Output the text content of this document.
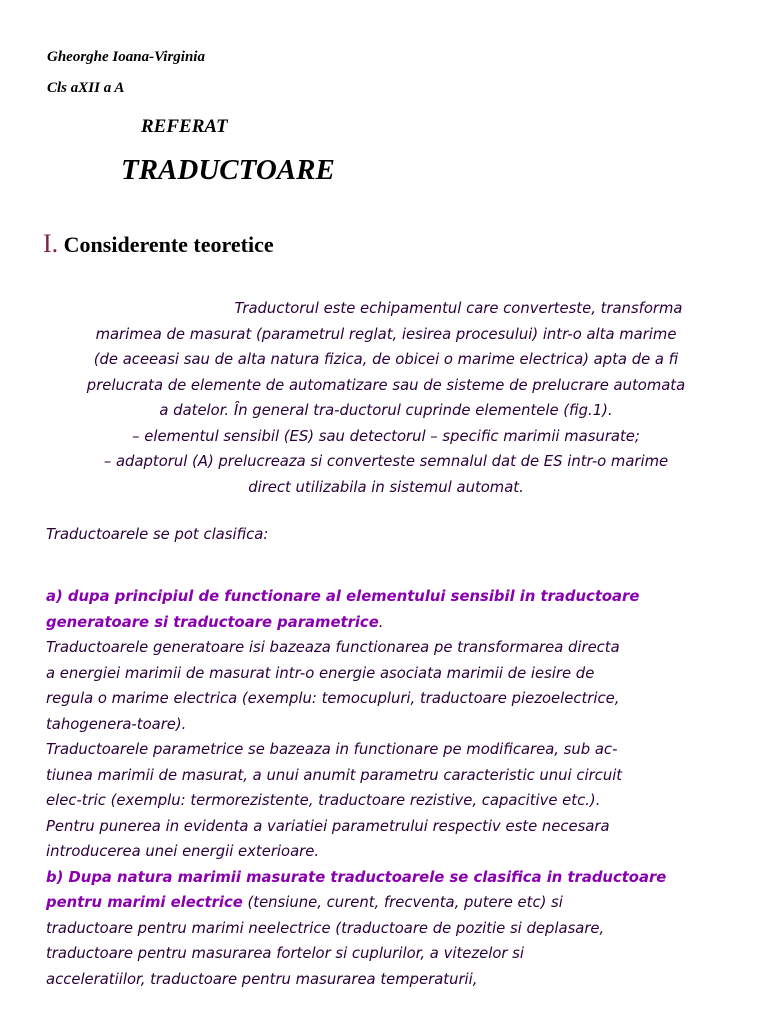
Gheorghe Ioana-Virginia

Cls aXII a A

REFERAT

TRADUCTOARE

I. Considerente teoretice

Traductorul este echipamentul care converteste, transforma

marimea de masurat (parametrul reglat, iesirea procesului) intr-o alta marime

(de aceeasi sau de alta natura fizica, de obicei o marime electrica) apta de a fi

prelucrata de elemente de automatizare sau de sisteme de prelucrare automata

a datelor. În general tra-ductorul cuprinde elementele (fig.1).

– elementul sensibil (ES) sau detectorul – specific marimii masurate;

– adaptorul (A) prelucreaza si converteste semnalul dat de ES intr-o marime

direct utilizabila in sistemul automat.

Traductoarele se pot clasifica:

a) dupa principiul de functionare al elementului sensibil in traductoare

generatoare si traductoare parametrice.

Traductoarele generatoare isi bazeaza functionarea pe transformarea directa

a energiei marimii de masurat intr-o energie asociata marimii de iesire de

regula o marime electrica (exemplu: temocupluri, traductoare piezoelectrice,

tahogenera-toare).

Traductoarele parametrice se bazeaza in functionare pe modificarea, sub ac-

tiunea marimii de masurat, a unui anumit parametru caracteristic unui circuit

elec-tric (exemplu: termorezistente, traductoare rezistive, capacitive etc.).

Pentru punerea in evidenta a variatiei parametrului respectiv este necesara

introducerea unei energii exterioare.

b) Dupa natura marimii masurate traductoarele se clasifica in traductoare

pentru marimi electrice (tensiune, curent, frecventa, putere etc) si

traductoare pentru marimi neelectrice (traductoare de pozitie si deplasare,

traductoare pentru masurarea fortelor si cuplurilor, a vitezelor si

acceleratiilor, traductoare pentru masurarea temperaturii,
